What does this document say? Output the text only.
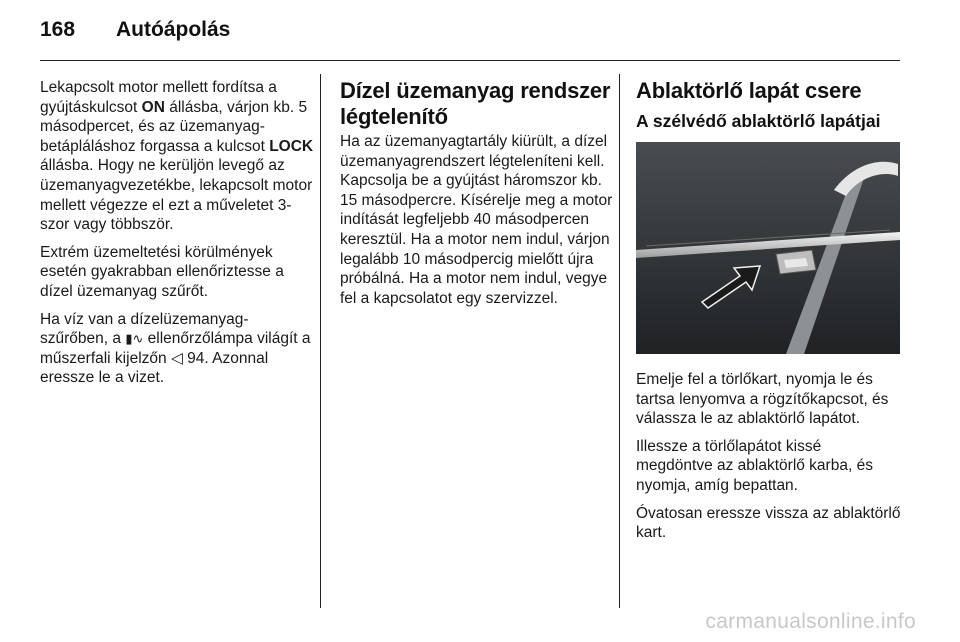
168 Autóápolás

Lekapcsolt motor mellett fordítsa a gyújtáskulcsot ON állásba, várjon kb. 5 másodpercet, és az üzemanyag-betápláláshoz forgassa a kulcsot LOCK állásba. Hogy ne kerüljön levegő az üzemanyagvezetékbe, lekapcsolt motor mellett végezze el ezt a műveletet 3-szor vagy többször.

Extrém üzemeltetési körülmények esetén gyakrabban ellenőriztesse a dízel üzemanyag szűrőt.

Ha víz van a dízelüzemanyag-szűrőben, a ▮∿ ellenőrzőlámpa világít a műszerfali kijelzőn ◁ 94. Azonnal eressze le a vizet.

Dízel üzemanyag rendszer légtelenítő

Ha az üzemanyagtartály kiürült, a dízel üzemanyagrendszert légteleníteni kell. Kapcsolja be a gyújtást háromszor kb. 15 másodpercre. Kísérelje meg a motor indítását legfeljebb 40 másodpercen keresztül. Ha a motor nem indul, várjon legalább 10 másodpercig mielőtt újra próbálná. Ha a motor nem indul, vegye fel a kapcsolatot egy szervizzel.

Ablaktörlő lapát csere
A szélvédő ablaktörlő lapátjai

Emelje fel a törlőkart, nyomja le és tartsa lenyomva a rögzítőkapcsot, és válassza le az ablaktörlő lapátot.

Illessze a törlőlapátot kissé megdöntve az ablaktörlő karba, és nyomja, amíg bepattan.

Óvatosan eressze vissza az ablaktörlő kart.

carmanualsonline.info
